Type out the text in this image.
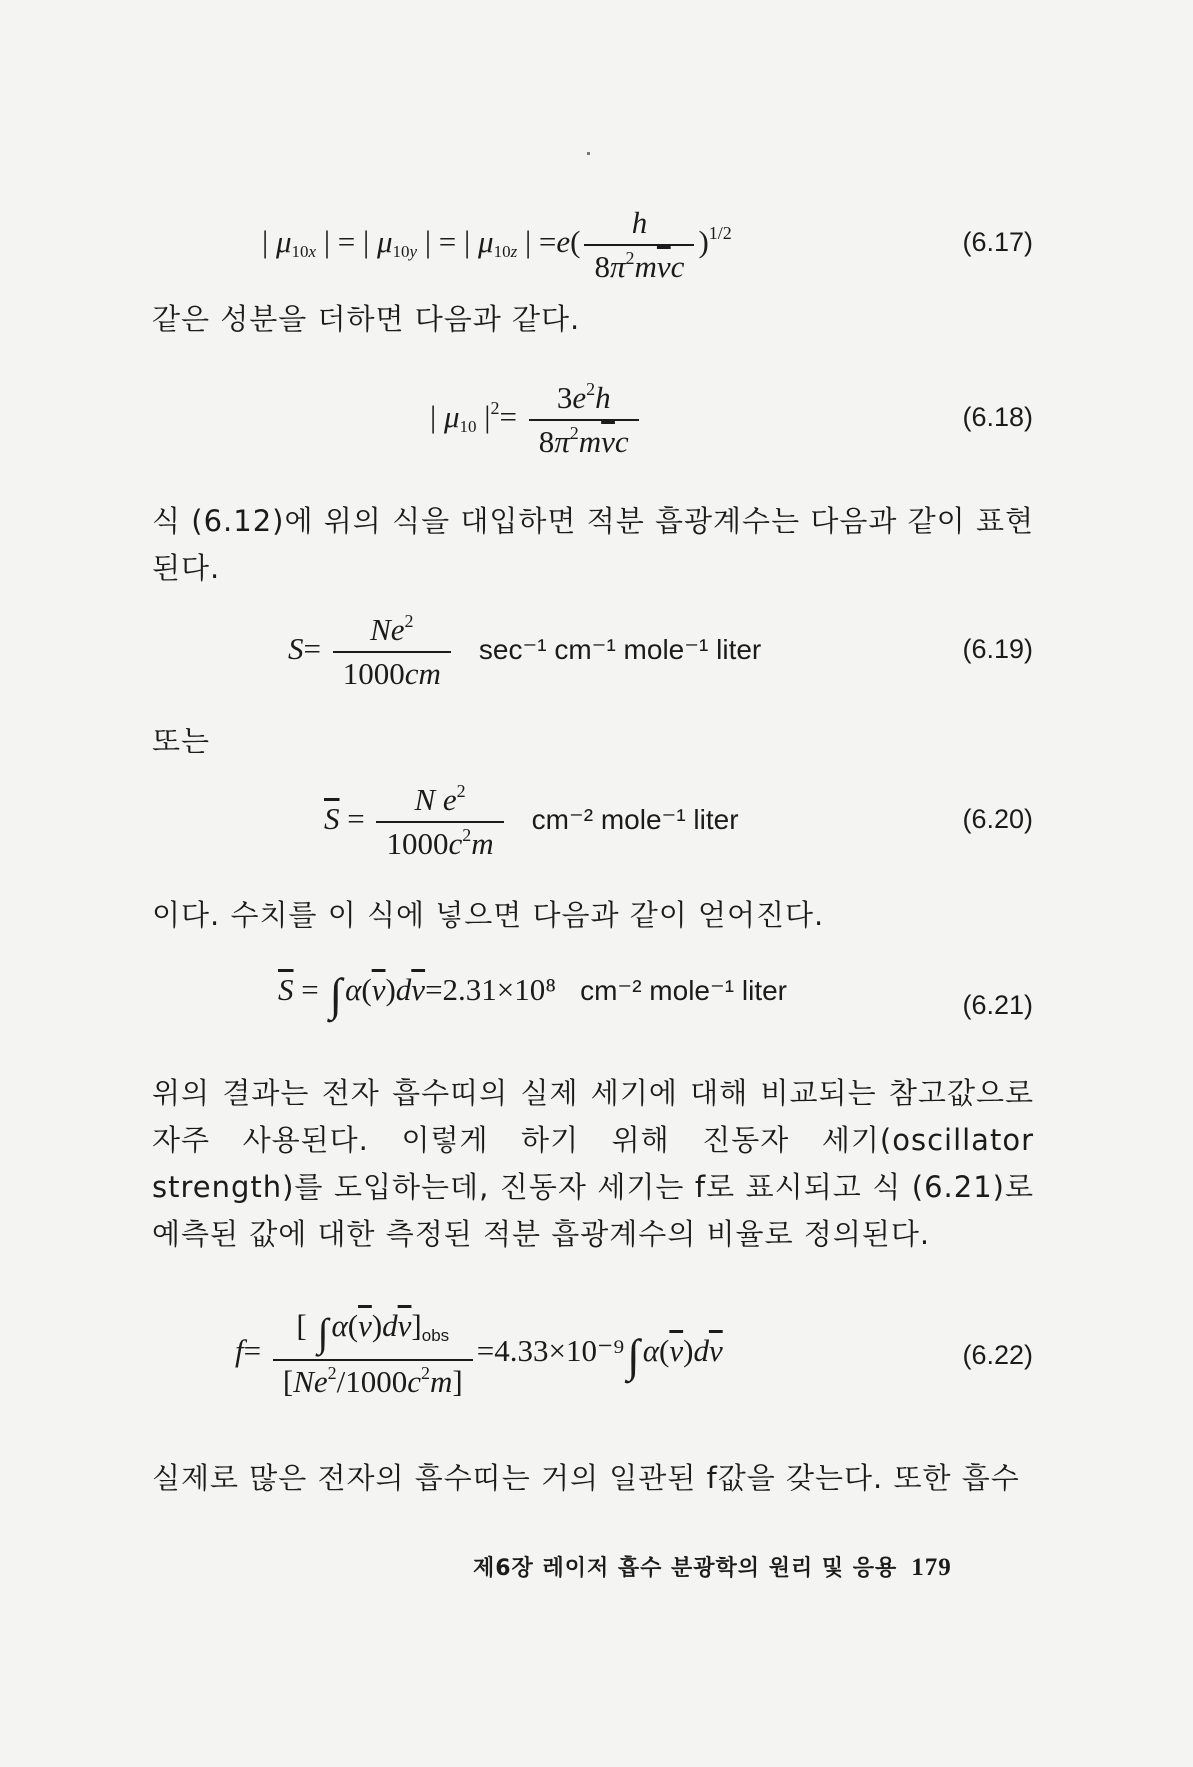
| $\mu_{10x}$ | = | $\mu_{10y}$ | = | $\mu_{10z}$ | $=e( \frac{h}{8\pi^2m\overline{\nu}c} )^{1/2}$	(6.17)

같은 성분을 더하면 다음과 같다.

| $\mu_{10}$ $|^2= \frac{3e^2h}{8\pi^2m\overline{\nu}c}$	(6.18)

식 (6.12)에 위의 식을 대입하면 적분 흡광계수는 다음과 같이 표현된다.

$S= \frac{Ne^2}{1000cm} \sec^{-1}$ cm⁻¹ mole⁻¹ liter	(6.19)

또는

$\overline{S} = \frac{N e^2}{1000c^2m} cm^{-2}$ mole⁻¹ liter	(6.20)

이다. 수치를 이 식에 넣으면 다음과 같이 얻어진다.

$\overline{S} = \int\alpha(\overline{\nu})d\overline{\nu}=2.31\times 10^8$ cm⁻² mole⁻¹ liter	(6.21)

위의 결과는 전자 흡수띠의 실제 세기에 대해 비교되는 참고값으로 자주 사용된다. 이렇게 하기 위해 진동자 세기(oscillator strength)를 도입하는데, 진동자 세기는 f로 표시되고 식 (6.21)로 예측된 값에 대한 측정된 적분 흡광계수의 비율로 정의된다.

$f= \frac{[ \int\alpha(\overline{\nu})d\overline{\nu}]_{obs}}{[Ne^2/1000c^2m]} =4.33\times 10^{-9}\int\alpha(\overline{\nu})d\overline{\nu}$	(6.22)

실제로 많은 전자의 흡수띠는 거의 일관된 f값을 갖는다. 또한 흡수

제6장 레이저 흡수 분광학의 원리 및 응용 179
